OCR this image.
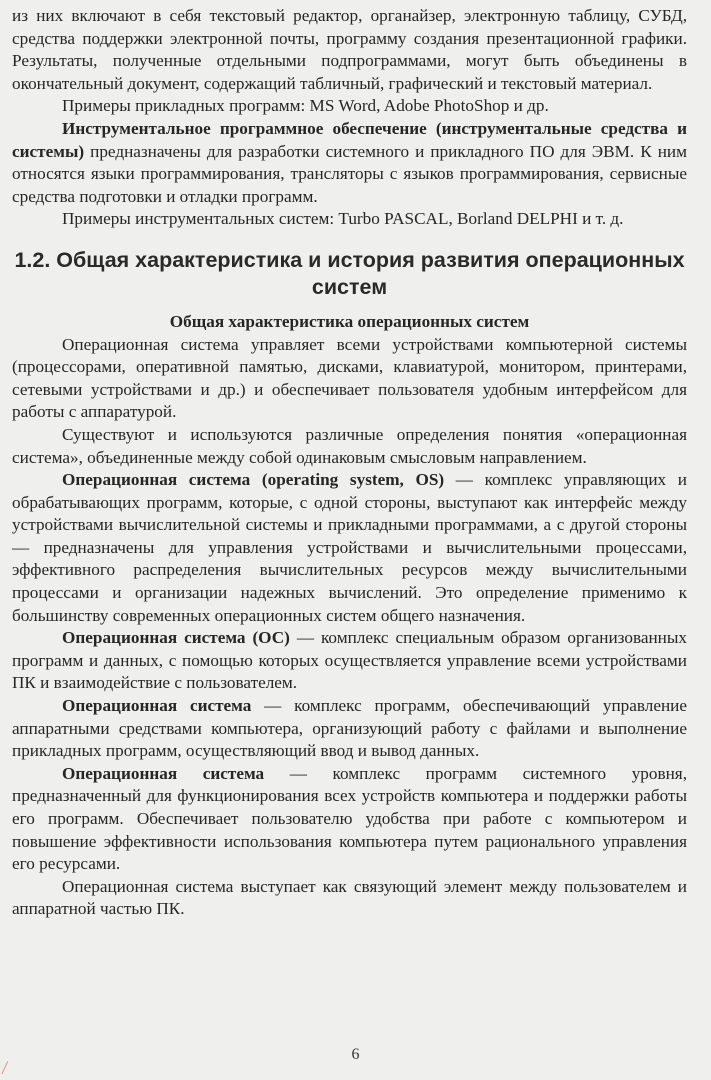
из них включают в себя текстовый редактор, органайзер, электронную таблицу, СУБД, средства поддержки электронной почты, программу создания презентационной графики. Результаты, полученные отдельными подпрограммами, могут быть объединены в окончательный документ, содержащий табличный, графический и текстовый материал.

Примеры прикладных программ: MS Word, Adobe PhotoShop и др.

Инструментальное программное обеспечение (инструментальные средства и системы) предназначены для разработки системного и прикладного ПО для ЭВМ. К ним относятся языки программирования, трансляторы с языков программирования, сервисные средства подготовки и отладки программ.

Примеры инструментальных систем: Turbo PASCAL, Borland DELPHI и т. д.

1.2. Общая характеристика и история развития операционных систем
Общая характеристика операционных систем

Операционная система управляет всеми устройствами компьютерной системы (процессорами, оперативной памятью, дисками, клавиатурой, монитором, принтерами, сетевыми устройствами и др.) и обеспечивает пользователя удобным интерфейсом для работы с аппаратурой.

Существуют и используются различные определения понятия «операционная система», объединенные между собой одинаковым смысловым направлением.

Операционная система (operating system, OS) — комплекс управляющих и обрабатывающих программ, которые, с одной стороны, выступают как интерфейс между устройствами вычислительной системы и прикладными программами, а с другой стороны — предназначены для управления устройствами и вычислительными процессами, эффективного распределения вычислительных ресурсов между вычислительными процессами и организации надежных вычислений. Это определение применимо к большинству современных операционных систем общего назначения.

Операционная система (ОС) — комплекс специальным образом организованных программ и данных, с помощью которых осуществляется управление всеми устройствами ПК и взаимодействие с пользователем.

Операционная система — комплекс программ, обеспечивающий управление аппаратными средствами компьютера, организующий работу с файлами и выполнение прикладных программ, осуществляющий ввод и вывод данных.

Операционная система — комплекс программ системного уровня, предназначенный для функционирования всех устройств компьютера и поддержки работы его программ. Обеспечивает пользователю удобства при работе с компьютером и повышение эффективности использования компьютера путем рационального управления его ресурсами.

Операционная система выступает как связующий элемент между пользователем и аппаратной частью ПК.

6
